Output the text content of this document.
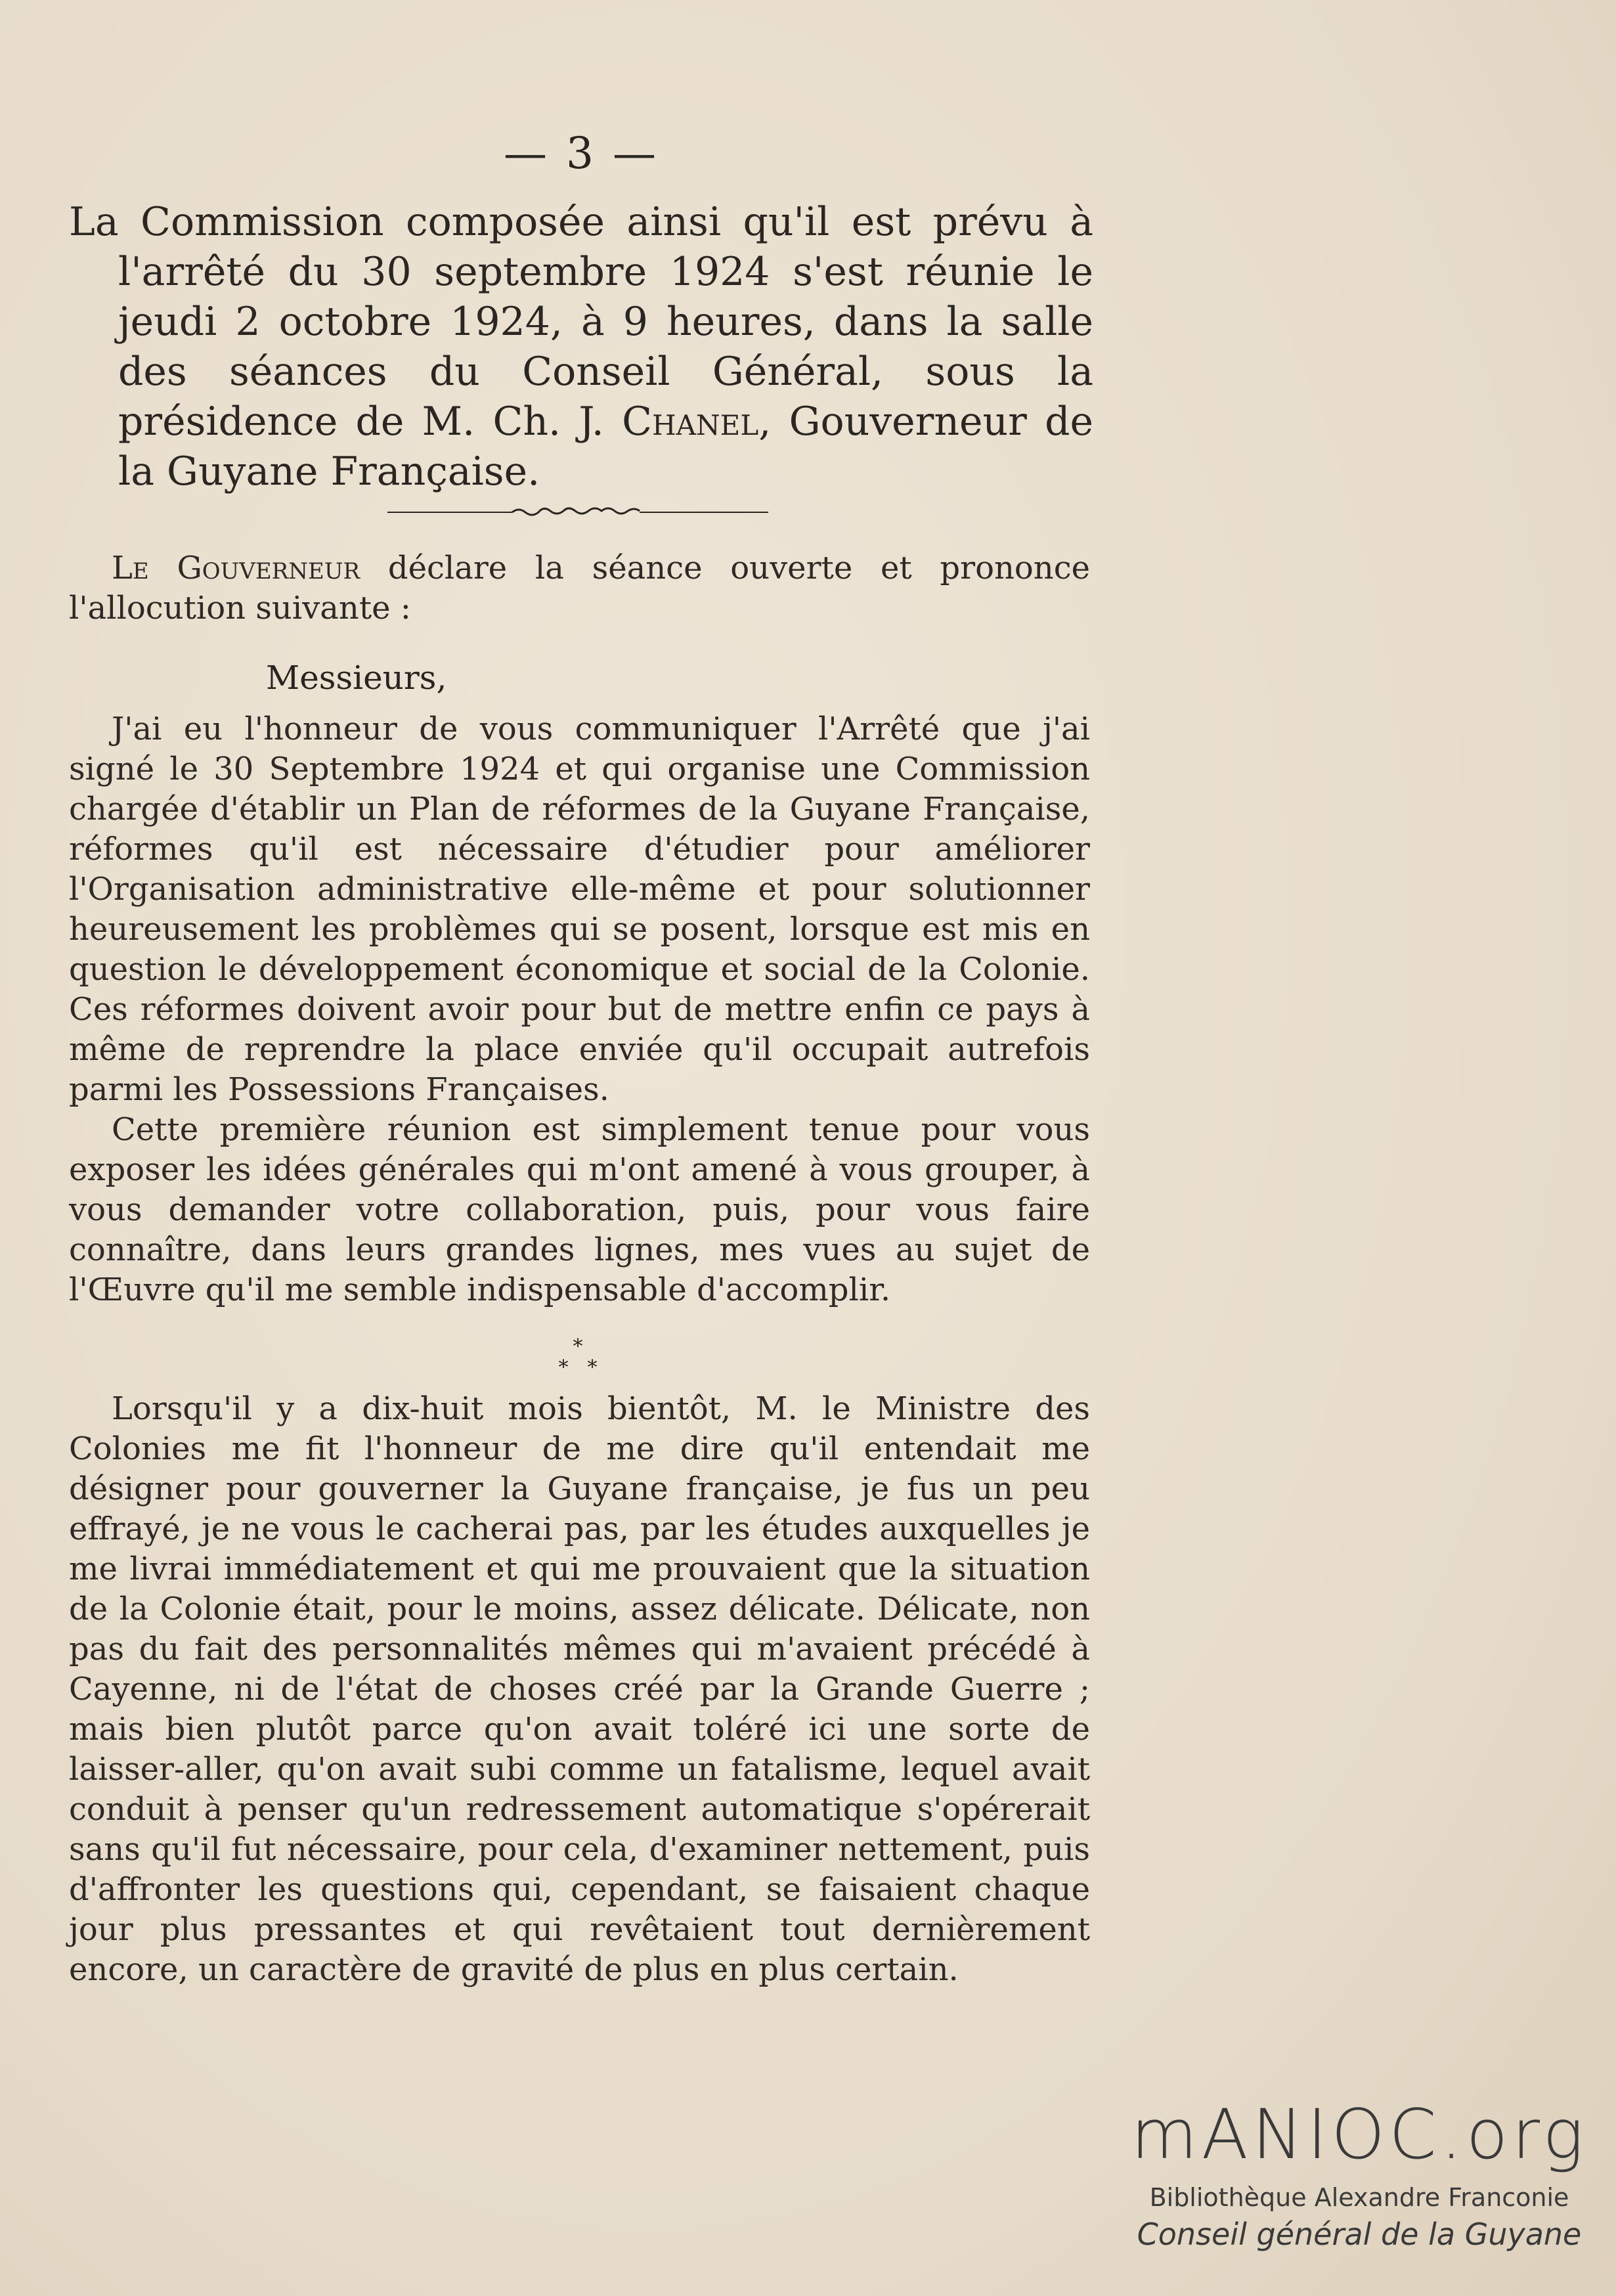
— 3 —

La Commission composée ainsi qu'il est prévu à l'arrêté du 30 septembre 1924 s'est réunie le jeudi 2 octobre 1924, à 9 heures, dans la salle des séances du Conseil Général, sous la présidence de M. Ch. J. Chanel, Gouverneur de la Guyane Française.

Le Gouverneur déclare la séance ouverte et prononce l'allocution suivante :

Messieurs,

J'ai eu l'honneur de vous communiquer l'Arrêté que j'ai signé le 30 Septembre 1924 et qui organise une Commission chargée d'établir un Plan de réformes de la Guyane Française, réformes qu'il est nécessaire d'étudier pour améliorer l'Organisation administrative elle-même et pour solutionner heureusement les problèmes qui se posent, lorsque est mis en question le développement économique et social de la Colonie. Ces réformes doivent avoir pour but de mettre enfin ce pays à même de reprendre la place enviée qu'il occupait autrefois parmi les Possessions Françaises.

Cette première réunion est simplement tenue pour vous exposer les idées générales qui m'ont amené à vous grouper, à vous demander votre collaboration, puis, pour vous faire connaître, dans leurs grandes lignes, mes vues au sujet de l'Œuvre qu'il me semble indispensable d'accomplir.

*
* *

Lorsqu'il y a dix-huit mois bientôt, M. le Ministre des Colonies me fit l'honneur de me dire qu'il entendait me désigner pour gouverner la Guyane française, je fus un peu effrayé, je ne vous le cacherai pas, par les études auxquelles je me livrai immédiatement et qui me prouvaient que la situation de la Colonie était, pour le moins, assez délicate. Délicate, non pas du fait des personnalités mêmes qui m'avaient précédé à Cayenne, ni de l'état de choses créé par la Grande Guerre ; mais bien plutôt parce qu'on avait toléré ici une sorte de laisser-aller, qu'on avait subi comme un fatalisme, lequel avait conduit à penser qu'un redressement automatique s'opérerait sans qu'il fut nécessaire, pour cela, d'examiner nettement, puis d'affronter les questions qui, cependant, se faisaient chaque jour plus pressantes et qui revêtaient tout dernièrement encore, un caractère de gravité de plus en plus certain.

mANIOC.org
Bibliothèque Alexandre Franconie
Conseil général de la Guyane
